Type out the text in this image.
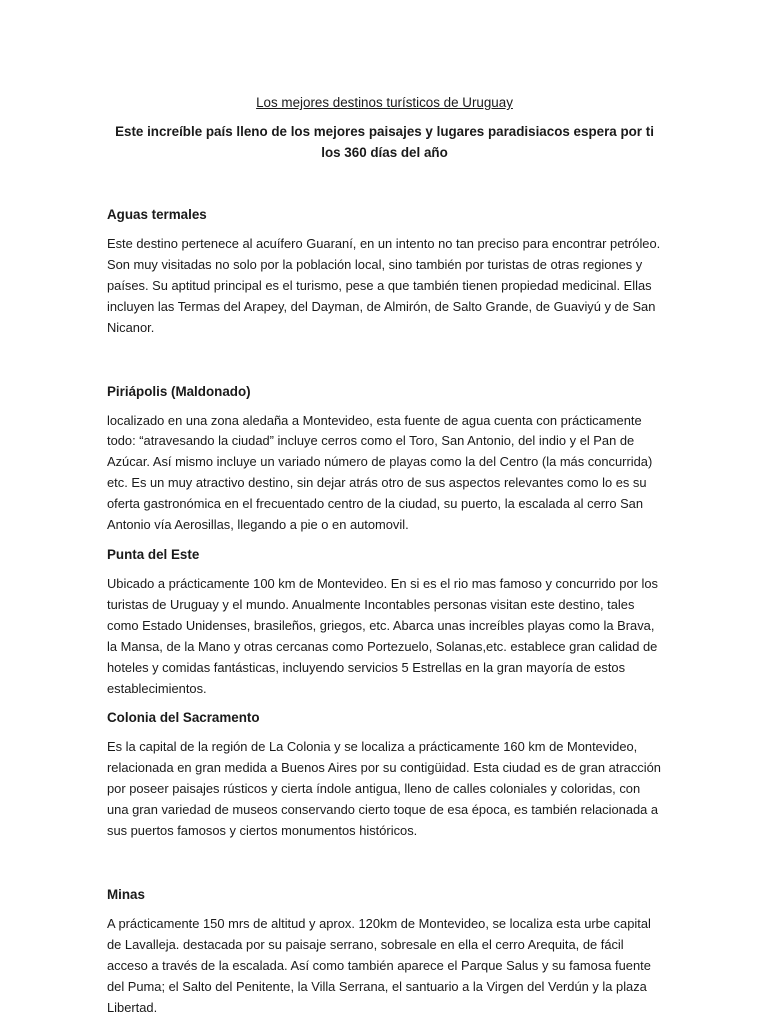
Los mejores destinos turísticos de Uruguay

Este increíble país lleno de los mejores paisajes y lugares paradisiacos espera por ti los 360 días del año

Aguas termales

Este destino pertenece al acuífero Guaraní, en un intento no tan preciso para encontrar petróleo. Son muy visitadas no solo por la población local, sino también por turistas de otras regiones y países. Su aptitud principal es el turismo, pese a que también tienen propiedad medicinal. Ellas incluyen las Termas del Arapey, del Dayman, de Almirón, de Salto Grande, de Guaviyú y de San Nicanor.

Piriápolis (Maldonado)

localizado en una zona aledaña a Montevideo, esta fuente de agua cuenta con prácticamente todo: “atravesando la ciudad” incluye cerros como el Toro, San Antonio, del indio y el Pan de Azúcar. Así mismo incluye un variado número de playas como la del Centro (la más concurrida) etc. Es un muy atractivo destino, sin dejar atrás otro de sus aspectos relevantes como lo es su oferta gastronómica en el frecuentado centro de la ciudad, su puerto, la escalada al cerro San Antonio vía Aerosillas, llegando a pie o en automovil.

Punta del Este

Ubicado a prácticamente 100 km de Montevideo. En si es el rio mas famoso y concurrido por los turistas de Uruguay y el mundo. Anualmente Incontables personas visitan este destino, tales como Estado Unidenses, brasileños, griegos, etc. Abarca unas increíbles playas como la Brava, la Mansa, de la Mano y otras cercanas como Portezuelo, Solanas,etc. establece gran calidad de hoteles y comidas fantásticas, incluyendo servicios 5 Estrellas en la gran mayoría de estos establecimientos.

Colonia del Sacramento

Es la capital de la región de La Colonia y se localiza a prácticamente 160 km de Montevideo, relacionada en gran medida a Buenos Aires por su contigüidad. Esta ciudad es de gran atracción por poseer paisajes rústicos y cierta índole antigua, lleno de calles coloniales y coloridas, con una gran variedad de museos conservando cierto toque de esa época, es también relacionada a sus puertos famosos y ciertos monumentos históricos.

Minas

A prácticamente 150 mrs de altitud y aprox. 120km de Montevideo, se localiza esta urbe capital de Lavalleja. destacada por su paisaje serrano, sobresale en ella el cerro Arequita, de fácil acceso a través de la escalada. Así como también aparece el Parque Salus y su famosa fuente del Puma; el Salto del Penitente, la Villa Serrana, el santuario a la Virgen del Verdún y la plaza Libertad.
